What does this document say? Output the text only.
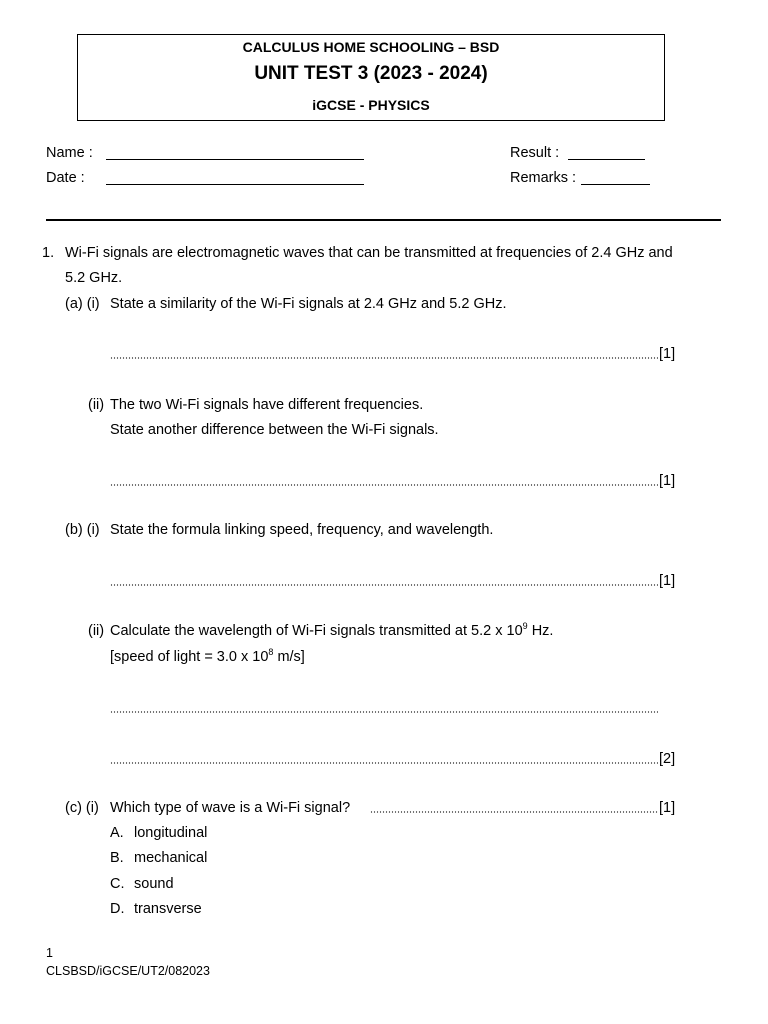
CALCULUS HOME SCHOOLING – BSD
UNIT TEST 3 (2023 - 2024)
iGCSE - PHYSICS
Name :
Date :
Result :
Remarks :
1. Wi-Fi signals are electromagnetic waves that can be transmitted at frequencies of 2.4 GHz and
5.2 GHz.
(a) (i) State a similarity of the Wi-Fi signals at 2.4 GHz and 5.2 GHz.
[1]
(ii) The two Wi-Fi signals have different frequencies.
State another difference between the Wi-Fi signals.
[1]
(b) (i) State the formula linking speed, frequency, and wavelength.
[1]
(ii) Calculate the wavelength of Wi-Fi signals transmitted at 5.2 x $10^9$ Hz.
[speed of light = 3.0 x $10^8$ m/s]
[2]
(c) (i) Which type of wave is a Wi-Fi signal?	[1]
A. longitudinal
B. mechanical
C. sound
D. transverse
1
CLSBSD/iGCSE/UT2/082023
